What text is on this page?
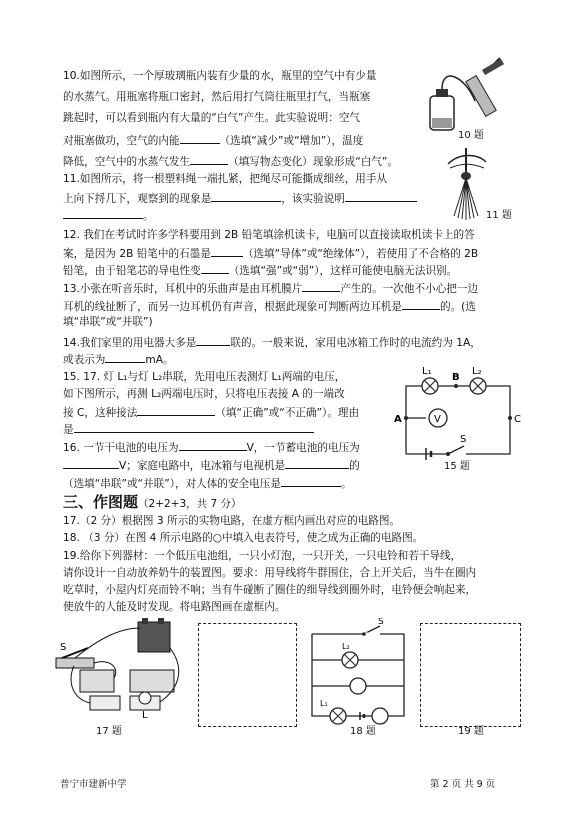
10.如图所示，一个厚玻璃瓶内装有少量的水，瓶里的空气中有少量
的水蒸气。用瓶塞将瓶口密封，然后用打气筒往瓶里打气，当瓶塞
跳起时，可以看到瓶内有大量的“白气”产生。此实验说明：空气
对瓶塞做功，空气的内能	（选填“减少”或“增加”），温度
降低，空气中的水蒸气发生	（填写物态变化）现象形成“白气”。
10 题
11.如图所示，将一根塑料绳一端扎紧，把绳尽可能撕成细丝，用手从
上向下捋几下，观察到的现象是	，该实验说明
。	11 题
12. 我们在考试时许多学科要用到 2B 铅笔填涂机读卡，电脑可以直接读取机读卡上的答
案，是因为 2B 铅笔中的石墨是	（选填“导体”或“绝缘体”），若使用了不合格的 2B
铅笔，由于铅笔芯的导电性变	（选填“强”或“弱”），这样可能使电脑无法识别。
13.小张在听音乐时，耳机中的乐曲声是由耳机膜片	产生的。一次他不小心把一边
耳机的线扯断了，而另一边耳机仍有声音，根据此现象可判断两边耳机是	的。(选
填“串联”或“并联”)
14.我们家里的用电器大多是	联的。一般来说，家用电冰箱工作时的电流约为 1A，
或表示为	mA。
15. 17. 灯 L₁与灯 L₂串联，先用电压表测灯 L₁两端的电压，
如下图所示，再测 L₂两端电压时，只将电压表接 A 的一端改
接 C，这种接法	（填“正确”或“不正确”）。理由
是
V
L₁	L₂
B
A	C
S
15 题
16. 一节干电池的电压为	V，一节蓄电池的电压为
V；家庭电路中，电冰箱与电视机是	的
（选填“串联”或“并联”），对人体的安全电压是	。
三、作图题（2+2+3，共 7 分）
17.（2 分）根据图 3 所示的实物电路，在虚方框内画出对应的电路图。
18. （3 分）在图 4 所示电路的○中填入电表符号，使之成为正确的电路图。
19.给你下列器材：一个低压电池组，一只小灯泡，一只开关，一只电铃和若干导线，
请你设计一自动放养奶牛的装置图。要求：用导线将牛群围住，合上开关后，当牛在圈内
吃草时，小屋内灯亮而铃不响；当有牛碰断了圈住的细导线到圈外时，电铃便会响起来，
使放牛的人能及时发现。将电路图画在虚框内。
S
L
17 题
S
L₂
L₁
18 题	19 题
普宁市建新中学	第 2 页 共 9 页
